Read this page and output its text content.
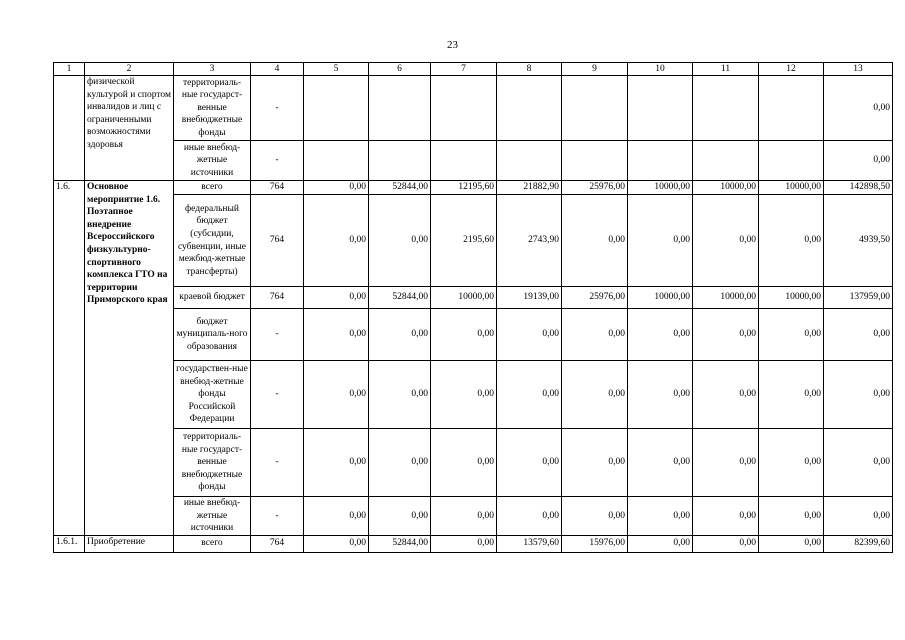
23
1	2	3	4	5	6	7	8	9	10	11	12	13
	физической культурой и спортом инвалидов и лиц с ограниченными возможностями здоровья	территориаль-ные государст-венные внебюджетные фонды	-									0,00
		иные внебюд-жетные источники	-									0,00
1.6.	Основное мероприятие 1.6. Поэтапное внедрение Всероссийского физкультурно-спортивного комплекса ГТО на территории Приморского края	всего	764	0,00	52844,00	12195,60	21882,90	25976,00	10000,00	10000,00	10000,00	142898,50
		федеральный бюджет (субсидии, субвенции, иные межбюд-жетные трансферты)	764	0,00	0,00	2195,60	2743,90	0,00	0,00	0,00	0,00	4939,50
		краевой бюджет	764	0,00	52844,00	10000,00	19139,00	25976,00	10000,00	10000,00	10000,00	137959,00
		бюджет муниципаль-ного образования	-	0,00	0,00	0,00	0,00	0,00	0,00	0,00	0,00	0,00
		государствен-ные внебюд-жетные фонды Российской Федерации	-	0,00	0,00	0,00	0,00	0,00	0,00	0,00	0,00	0,00
		территориаль-ные государст-венные внебюджетные фонды	-	0,00	0,00	0,00	0,00	0,00	0,00	0,00	0,00	0,00
		иные внебюд-жетные источники	-	0,00	0,00	0,00	0,00	0,00	0,00	0,00	0,00	0,00
1.6.1.	Приобретение	всего	764	0,00	52844,00	0,00	13579,60	15976,00	0,00	0,00	0,00	82399,60
